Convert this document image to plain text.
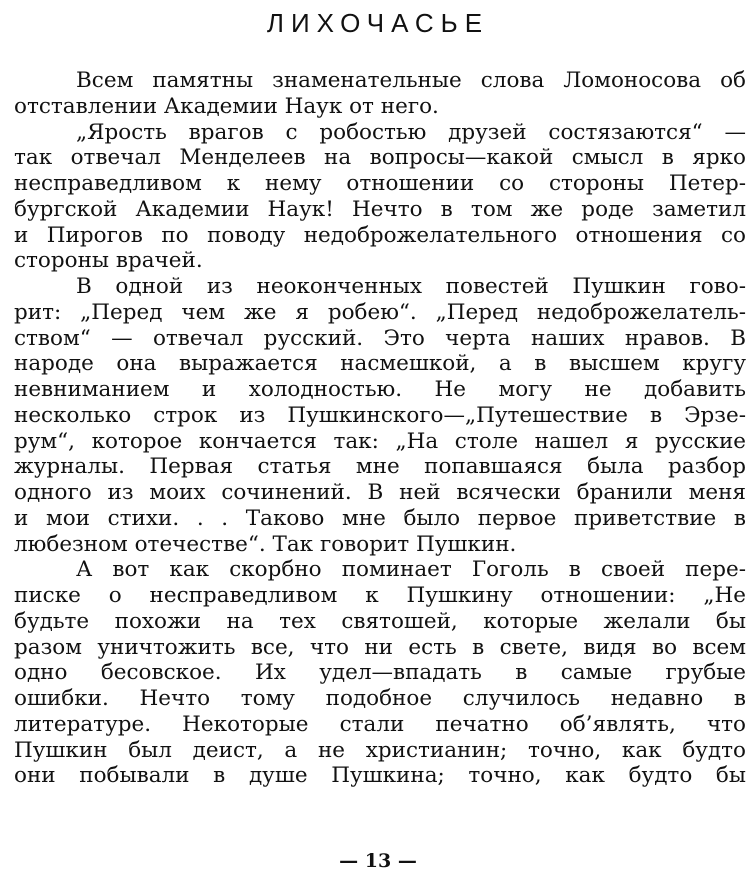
ЛИХОЧАСЬЕ
Всем памятны знаменательные слова Ломоносова об
отставлении Академии Наук от него.
„Ярость врагов с робостью друзей состязаются“ —
так отвечал Менделеев на вопросы—какой смысл в ярко
несправедливом к нему отношении со стороны Петер-
бургской Академии Наук! Нечто в том же роде заметил
и Пирогов по поводу недоброжелательного отношения со
стороны врачей.
В одной из неоконченных повестей Пушкин гово-
рит: „Перед чем же я робею“. „Перед недоброжелатель-
ством“ — отвечал русский. Это черта наших нравов. В
народе она выражается насмешкой, а в высшем кругу
невниманием и холодностью. Не могу не добавить
несколько строк из Пушкинского—„Путешествие в Эрзе-
рум“, которое кончается так: „На столе нашел я русские
журналы. Первая статья мне попавшаяся была разбор
одного из моих сочинений. В ней всячески бранили меня
и мои стихи. . . Таково мне было первое приветствие в
любезном отечестве“. Так говорит Пушкин.
А вот как скорбно поминает Гоголь в своей пере-
писке о несправедливом к Пушкину отношении: „Не
будьте похожи на тех святошей, которые желали бы
разом уничтожить все, что ни есть в свете, видя во всем
одно бесовское. Их удел—впадать в самые грубые
ошибки. Нечто тому подобное случилось недавно в
литературе. Некоторые стали печатно об’являть, что
Пушкин был деист, а не христианин; точно, как будто
они побывали в душе Пушкина; точно, как будто бы
— 13 —
